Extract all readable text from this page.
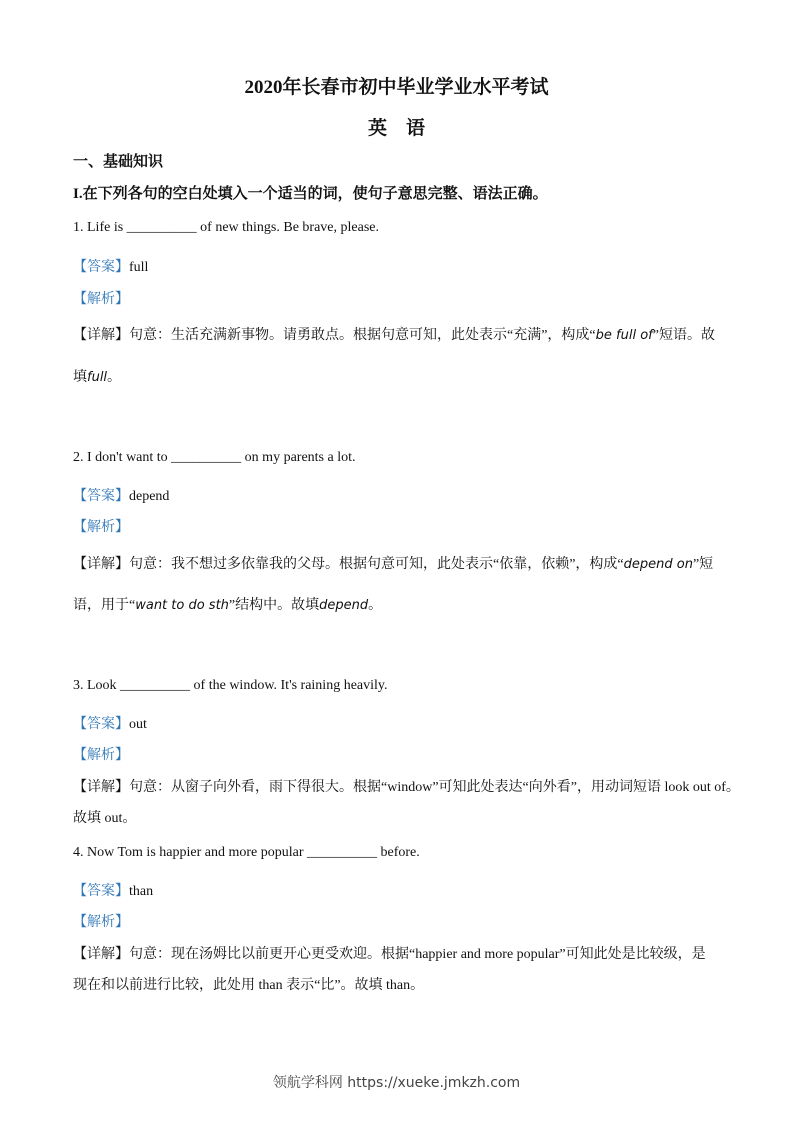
2020年长春市初中毕业学业水平考试
英　语
一、基础知识
I.在下列各句的空白处填入一个适当的词，使句子意思完整、语法正确。
1. Life is __________ of new things. Be brave, please.
【答案】full
【解析】
【详解】句意：生活充满新事物。请勇敢点。根据句意可知，此处表示“充满”，构成“be full of”短语。故
填full。
2. I don't want to __________ on my parents a lot.
【答案】depend
【解析】
【详解】句意：我不想过多依靠我的父母。根据句意可知，此处表示“依靠，依赖”，构成“depend on”短
语，用于“want to do sth”结构中。故填depend。
3. Look __________ of the window. It's raining heavily.
【答案】out
【解析】
【详解】句意：从窗子向外看，雨下得很大。根据“window”可知此处表达“向外看”，用动词短语 look out of。
故填 out。
4. Now Tom is happier and more popular __________ before.
【答案】than
【解析】
【详解】句意：现在汤姆比以前更开心更受欢迎。根据“happier and more popular”可知此处是比较级，是
现在和以前进行比较，此处用 than 表示“比”。故填 than。
领航学科网 https://xueke.jmkzh.com
